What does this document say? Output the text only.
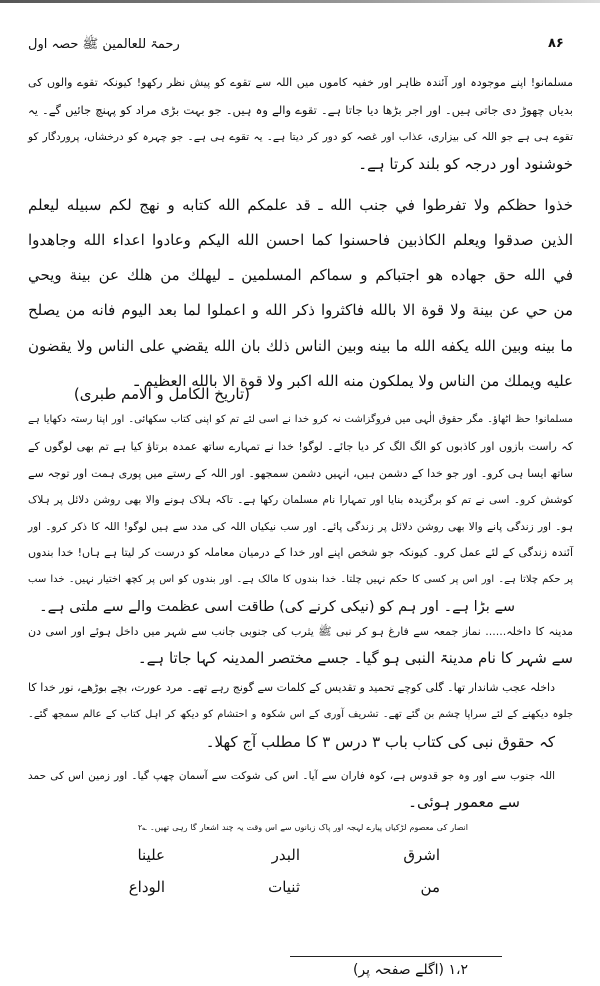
رحمۃ للعالمین ﷺ حصہ اول	۸۶
مسلمانو! اپنے موجودہ اور آئندہ ظاہر اور خفیہ کاموں میں اللہ سے تقوے کو پیش نظر رکھو! کیونکہ تقوے والوں کی
بدیاں چھوڑ دی جاتی ہیں۔ اور اجر بڑھا دیا جاتا ہے۔ تقوے والے وہ ہیں۔ جو بہت بڑی مراد کو پہنچ جائیں گے۔ یہ
تقوے ہی ہے جو اللہ کی بیزاری، عذاب اور غصہ کو دور کر دیتا ہے۔ یہ تقوے ہی ہے۔ جو چہرہ کو درخشاں، پروردگار کو
خوشنود اور درجہ کو بلند کرتا ہے۔
خذوا حظكم ولا تفرطوا في جنب الله ـ قد علمكم الله كتابه و نهج لكم سبيله ليعلم
الذين صدقوا ويعلم الكاذبين فاحسنوا كما احسن الله اليكم وعادوا اعداء الله وجاهدوا
في الله حق جهاده هو اجتباكم و سماكم المسلمين ـ ليهلك من هلك عن بينة ويحي
من حي عن بينة ولا قوة الا بالله فاكثروا ذكر الله و اعملوا لما بعد اليوم فانه من يصلح
ما بينه وبين الله يكفه الله ما بينه وبين الناس ذلك بان الله يقضي على الناس ولا يقضون
عليه ويملك من الناس ولا يملكون منه الله اكبر ولا قوة الا بالله العظيم ـ
(تاریخ الکامل و الامم طبری)
مسلمانو! حظ اٹھاؤ۔ مگر حقوق الٰہی میں فروگزاشت نہ کرو خدا نے اسی لئے تم کو اپنی کتاب سکھائی۔ اور اپنا رستہ دکھایا ہے
کہ راست بازوں اور کاذبوں کو الگ الگ کر دیا جائے۔ لوگو! خدا نے تمہارے ساتھ عمدہ برتاؤ کیا ہے تم بھی لوگوں کے
ساتھ ایسا ہی کرو۔ اور جو خدا کے دشمن ہیں، انہیں دشمن سمجھو۔ اور اللہ کے رستے میں پوری ہمت اور توجہ سے
کوشش کرو۔ اسی نے تم کو برگزیدہ بنایا اور تمہارا نام مسلمان رکھا ہے۔ تاکہ ہلاک ہونے والا بھی روشن دلائل پر ہلاک
ہو۔ اور زندگی پانے والا بھی روشن دلائل پر زندگی پائے۔ اور سب نیکیاں اللہ کی مدد سے ہیں لوگو! اللہ کا ذکر کرو۔ اور
آئندہ زندگی کے لئے عمل کرو۔ کیونکہ جو شخص اپنے اور خدا کے درمیان معاملہ کو درست کر لیتا ہے ہاں! خدا بندوں
پر حکم چلاتا ہے۔ اور اس پر کسی کا حکم نہیں چلتا۔ خدا بندوں کا مالک ہے۔ اور بندوں کو اس پر کچھ اختیار نہیں۔ خدا سب
سے بڑا ہے۔ اور ہم کو (نیکی کرنے کی) طاقت اسی عظمت والے سے ملتی ہے۔
مدینہ کا داخلہ...... نماز جمعہ سے فارغ ہو کر نبی ﷺ یثرب کی جنوبی جانب سے شہر میں داخل ہوئے اور اسی دن
سے شہر کا نام مدینۃ النبی ہو گیا۔ جسے مختصر المدینہ کہا جاتا ہے۔
داخلہ عجب شاندار تھا۔ گلی کوچے تحمید و تقدیس کے کلمات سے گونج رہے تھے۔ مرد عورت، بچے بوڑھے، نور خدا کا
جلوہ دیکھنے کے لئے سراپا چشم بن گئے تھے۔ تشریف آوری کے اس شکوہ و احتشام کو دیکھ کر اہل کتاب کے عالم سمجھ گئے۔
کہ حقوق نبی کی کتاب باب ۳ درس ۳ کا مطلب آج کھلا۔
اللہ جنوب سے اور وہ جو قدوس ہے، کوہ فاران سے آیا۔ اس کی شوکت سے آسمان چھپ گیا۔ اور زمین اس کی حمد
سے معمور ہوئی۔
انصار کی معصوم لڑکیاں پیارے لہجہ اور پاک زبانوں سے اس وقت یہ چند اشعار گا رہی تھیں۔ ؎۲
اشرق
البدر
علينا
من
ثنيات
الوداع
۱،۲ (اگلے صفحہ پر)
